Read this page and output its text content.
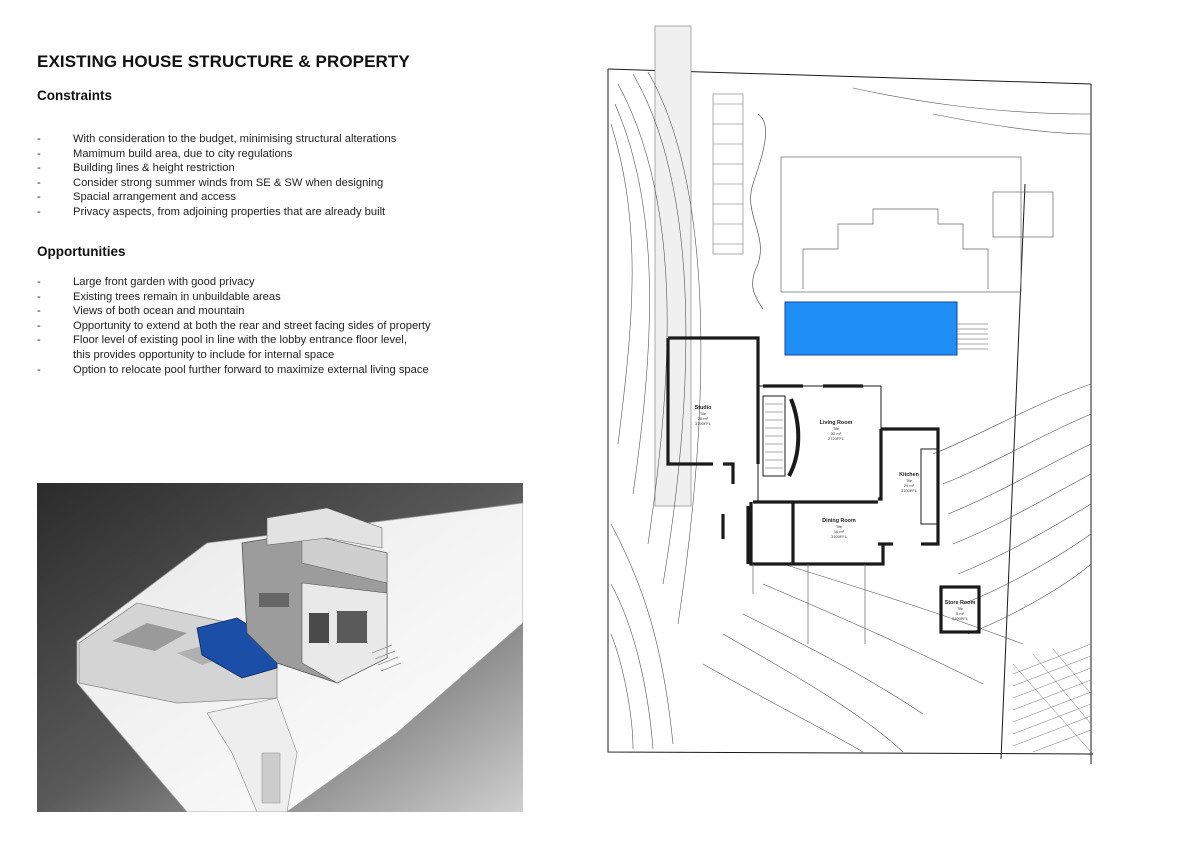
EXISTING HOUSE STRUCTURE & PROPERTY
Constraints
-	With consideration to the budget, minimising structural alterations
-	Mamimum build area, due to city regulations
-	Building lines & height restriction
-	Consider strong summer winds from SE & SW when designing
-	Spacial arrangement and access
-	Privacy aspects, from adjoining properties that are already built
Opportunities
-	Large front garden with good privacy
-	Existing trees remain in unbuildable areas
-	Views of both ocean and mountain
-	Opportunity to extend at both the rear and street facing sides of property
-	Floor level of existing pool in line with the lobby entrance floor level,
this provides opportunity to include for internal space
-	Option to relocate pool further forward to maximize external living space
Studio
Tile
28 m²
3790FFL	Living Room
Tile
52 m²
2720FFL
Kitchen
Tile
24 m²
3100FFL
Dining Room
Tile
16 m²
3100FFL
Store Room
Tile
5 m²
3100FFL
